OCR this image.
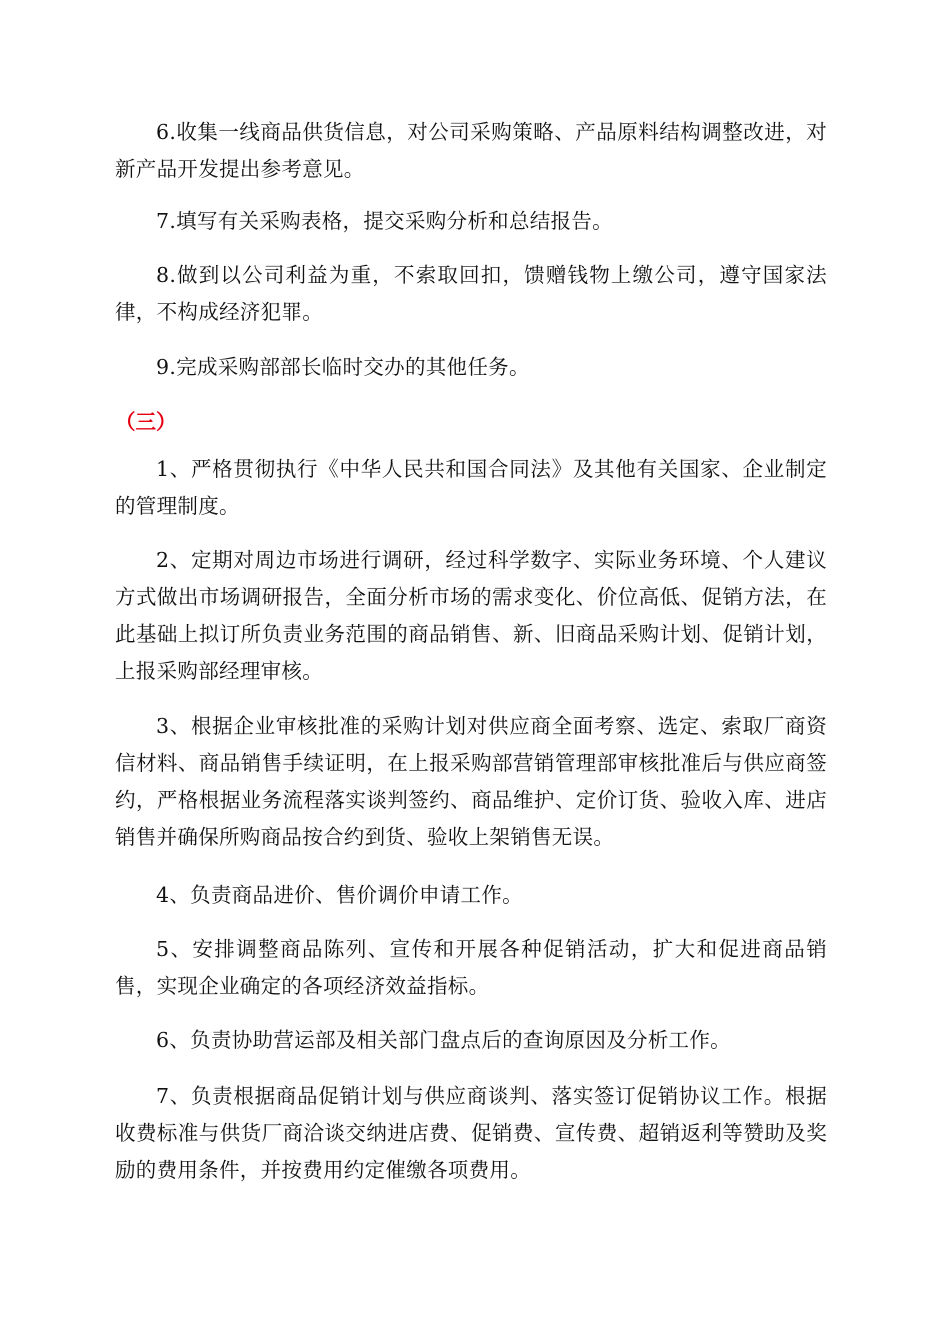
6.收集一线商品供货信息，对公司采购策略、产品原料结构调整改进，对新产品开发提出参考意见。

7.填写有关采购表格，提交采购分析和总结报告。

8.做到以公司利益为重，不索取回扣，馈赠钱物上缴公司，遵守国家法律，不构成经济犯罪。

9.完成采购部部长临时交办的其他任务。

（三）

1、严格贯彻执行《中华人民共和国合同法》及其他有关国家、企业制定的管理制度。

2、定期对周边市场进行调研，经过科学数字、实际业务环境、个人建议方式做出市场调研报告，全面分析市场的需求变化、价位高低、促销方法，在此基础上拟订所负责业务范围的商品销售、新、旧商品采购计划、促销计划，上报采购部经理审核。

3、根据企业审核批准的采购计划对供应商全面考察、选定、索取厂商资信材料、商品销售手续证明，在上报采购部营销管理部审核批准后与供应商签约，严格根据业务流程落实谈判签约、商品维护、定价订货、验收入库、进店销售并确保所购商品按合约到货、验收上架销售无误。

4、负责商品进价、售价调价申请工作。

5、安排调整商品陈列、宣传和开展各种促销活动，扩大和促进商品销售，实现企业确定的各项经济效益指标。

6、负责协助营运部及相关部门盘点后的查询原因及分析工作。

7、负责根据商品促销计划与供应商谈判、落实签订促销协议工作。根据收费标准与供货厂商洽谈交纳进店费、促销费、宣传费、超销返利等赞助及奖励的费用条件，并按费用约定催缴各项费用。
